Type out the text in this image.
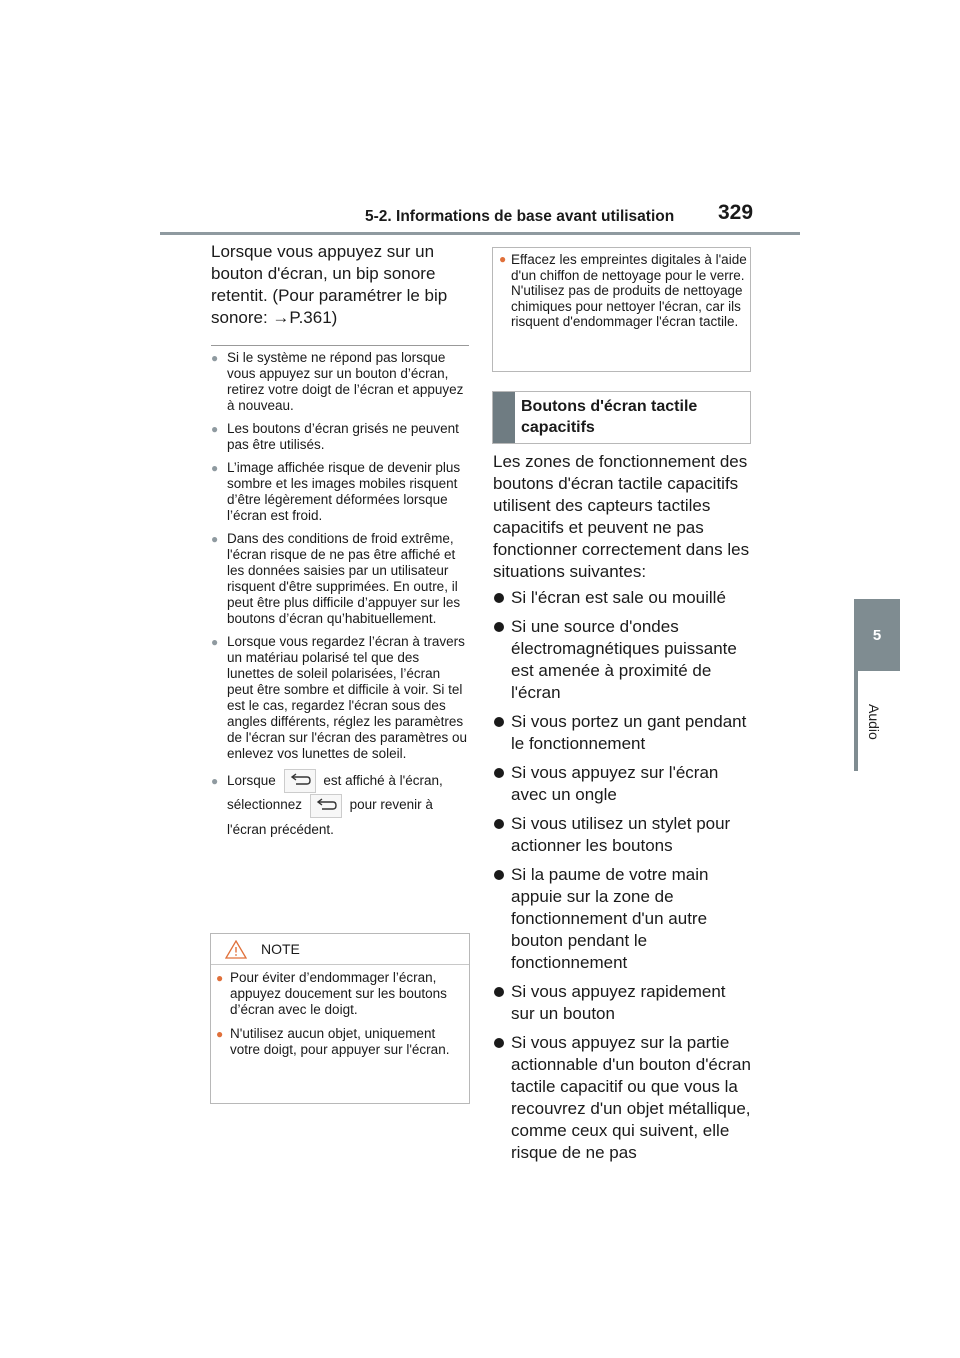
5-2. Informations de base avant utilisation 329
5
Audio
Lorsque vous appuyez sur un bouton d'écran, un bip sonore retentit. (Pour paramétrer le bip sonore: →P.361)
● Si le système ne répond pas lorsque vous appuyez sur un bouton d’écran, retirez votre doigt de l’écran et appuyez à nouveau.
● Les boutons d’écran grisés ne peuvent pas être utilisés.
● L’image affichée risque de devenir plus sombre et les images mobiles risquent d’être légèrement déformées lorsque l’écran est froid.
● Dans des conditions de froid extrême, l'écran risque de ne pas être affiché et les données saisies par un utilisateur risquent d'être supprimées. En outre, il peut être plus difficile d’appuyer sur les boutons d’écran qu’habituellement.
● Lorsque vous regardez l’écran à travers un matériau polarisé tel que des lunettes de soleil polarisées, l’écran peut être sombre et difficile à voir. Si tel est le cas, regardez l'écran sous des angles différents, réglez les paramètres de l'écran sur l'écran des paramètres ou enlevez vos lunettes de soleil.
● Lorsque	est affiché à l'écran,
sélectionnez	pour revenir à l'écran précédent.
NOTE
● Pour éviter d’endommager l’écran, appuyez doucement sur les boutons d’écran avec le doigt.
● N'utilisez aucun objet, uniquement votre doigt, pour appuyer sur l'écran.
● Effacez les empreintes digitales à l'aide d'un chiffon de nettoyage pour le verre. N'utilisez pas de produits de nettoyage chimiques pour nettoyer l'écran, car ils risquent d'endommager l'écran tactile.
Boutons d'écran tactile capacitifs
Les zones de fonctionnement des boutons d'écran tactile capacitifs utilisent des capteurs tactiles capacitifs et peuvent ne pas fonctionner correctement dans les situations suivantes:
Si l'écran est sale ou mouillé
Si une source d'ondes électromagnétiques puissante est amenée à proximité de l'écran
Si vous portez un gant pendant le fonctionnement
Si vous appuyez sur l'écran avec un ongle
Si vous utilisez un stylet pour actionner les boutons
Si la paume de votre main appuie sur la zone de fonctionnement d'un autre bouton pendant le fonctionnement
Si vous appuyez rapidement sur un bouton
Si vous appuyez sur la partie actionnable d'un bouton d'écran tactile capacitif ou que vous la recouvrez d'un objet métallique, comme ceux qui suivent, elle risque de ne pas
